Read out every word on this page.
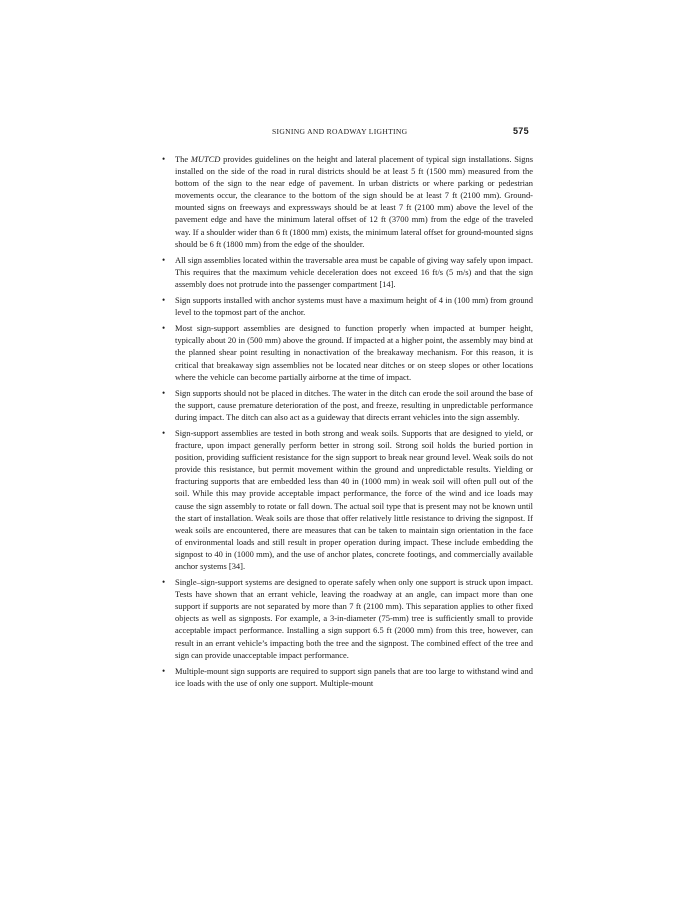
SIGNING AND ROADWAY LIGHTING	575
• The MUTCD provides guidelines on the height and lateral placement of typical sign installations. Signs installed on the side of the road in rural districts should be at least 5 ft (1500 mm) measured from the bottom of the sign to the near edge of pavement. In urban districts or where parking or pedestrian movements occur, the clearance to the bottom of the sign should be at least 7 ft (2100 mm). Ground-mounted signs on freeways and expressways should be at least 7 ft (2100 mm) above the level of the pavement edge and have the minimum lateral offset of 12 ft (3700 mm) from the edge of the traveled way. If a shoulder wider than 6 ft (1800 mm) exists, the minimum lateral offset for ground-mounted signs should be 6 ft (1800 mm) from the edge of the shoulder.
• All sign assemblies located within the traversable area must be capable of giving way safely upon impact. This requires that the maximum vehicle deceleration does not exceed 16 ft/s (5 m/s) and that the sign assembly does not protrude into the passenger compartment [14].
• Sign supports installed with anchor systems must have a maximum height of 4 in (100 mm) from ground level to the topmost part of the anchor.
• Most sign-support assemblies are designed to function properly when impacted at bumper height, typically about 20 in (500 mm) above the ground. If impacted at a higher point, the assembly may bind at the planned shear point resulting in nonactivation of the breakaway mechanism. For this reason, it is critical that breakaway sign assemblies not be located near ditches or on steep slopes or other locations where the vehicle can become partially airborne at the time of impact.
• Sign supports should not be placed in ditches. The water in the ditch can erode the soil around the base of the support, cause premature deterioration of the post, and freeze, resulting in unpredictable performance during impact. The ditch can also act as a guideway that directs errant vehicles into the sign assembly.
• Sign-support assemblies are tested in both strong and weak soils. Supports that are designed to yield, or fracture, upon impact generally perform better in strong soil. Strong soil holds the buried portion in position, providing sufficient resistance for the sign support to break near ground level. Weak soils do not provide this resistance, but permit movement within the ground and unpredictable results. Yielding or fracturing supports that are embedded less than 40 in (1000 mm) in weak soil will often pull out of the soil. While this may provide acceptable impact performance, the force of the wind and ice loads may cause the sign assembly to rotate or fall down. The actual soil type that is present may not be known until the start of installation. Weak soils are those that offer relatively little resistance to driving the signpost. If weak soils are encountered, there are measures that can be taken to maintain sign orientation in the face of environmental loads and still result in proper operation during impact. These include embedding the signpost to 40 in (1000 mm), and the use of anchor plates, concrete footings, and commercially available anchor systems [34].
• Single–sign-support systems are designed to operate safely when only one support is struck upon impact. Tests have shown that an errant vehicle, leaving the roadway at an angle, can impact more than one support if supports are not separated by more than 7 ft (2100 mm). This separation applies to other fixed objects as well as signposts. For example, a 3-in-diameter (75-mm) tree is sufficiently small to provide acceptable impact performance. Installing a sign support 6.5 ft (2000 mm) from this tree, however, can result in an errant vehicle’s impacting both the tree and the signpost. The combined effect of the tree and sign can provide unacceptable impact performance.
• Multiple-mount sign supports are required to support sign panels that are too large to withstand wind and ice loads with the use of only one support. Multiple-mount
